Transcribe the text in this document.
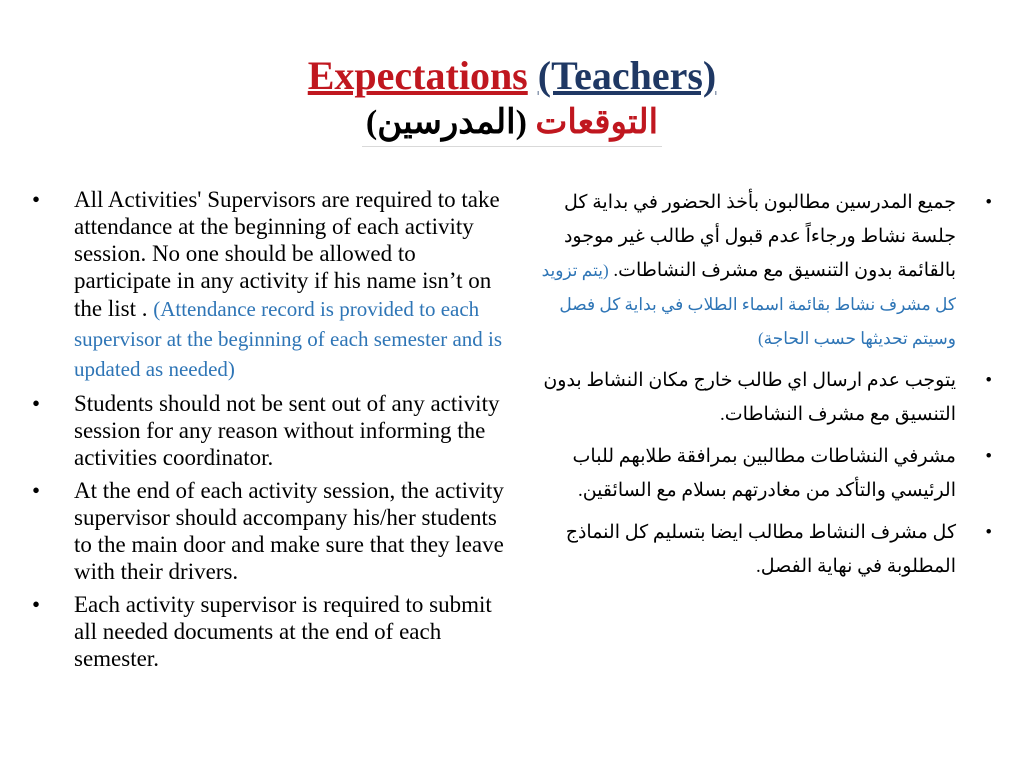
Expectations (Teachers)
التوقعات (المدرسين)
• All Activities' Supervisors are required to take attendance at the beginning of each activity session. No one should be allowed to participate in any activity if his name isn’t on the list . (Attendance record is provided to each supervisor at the beginning of each semester and is updated as needed)
• Students should not be sent out of any activity session for any reason without informing the activities coordinator.
• At the end of each activity session, the activity supervisor should accompany his/her students to the main door and make sure that they leave with their drivers.
• Each activity supervisor is required to submit all needed documents at the end of each semester.
•
جميع المدرسين مطالبون بأخذ الحضور في بداية كل جلسة نشاط ورجاءاً عدم قبول أي طالب غير موجود بالقائمة بدون التنسيق مع مشرف النشاطات. (يتم تزويد كل مشرف نشاط بقائمة اسماء الطلاب في بداية كل فصل وسيتم تحديثها حسب الحاجة)
•
يتوجب عدم ارسال اي طالب خارج مكان النشاط بدون التنسيق مع مشرف النشاطات.
•
مشرفي النشاطات مطالبين بمرافقة طلابهم للباب الرئيسي والتأكد من مغادرتهم بسلام مع السائقين.
•
كل مشرف النشاط مطالب ايضا بتسليم كل النماذج المطلوبة في نهاية الفصل.
